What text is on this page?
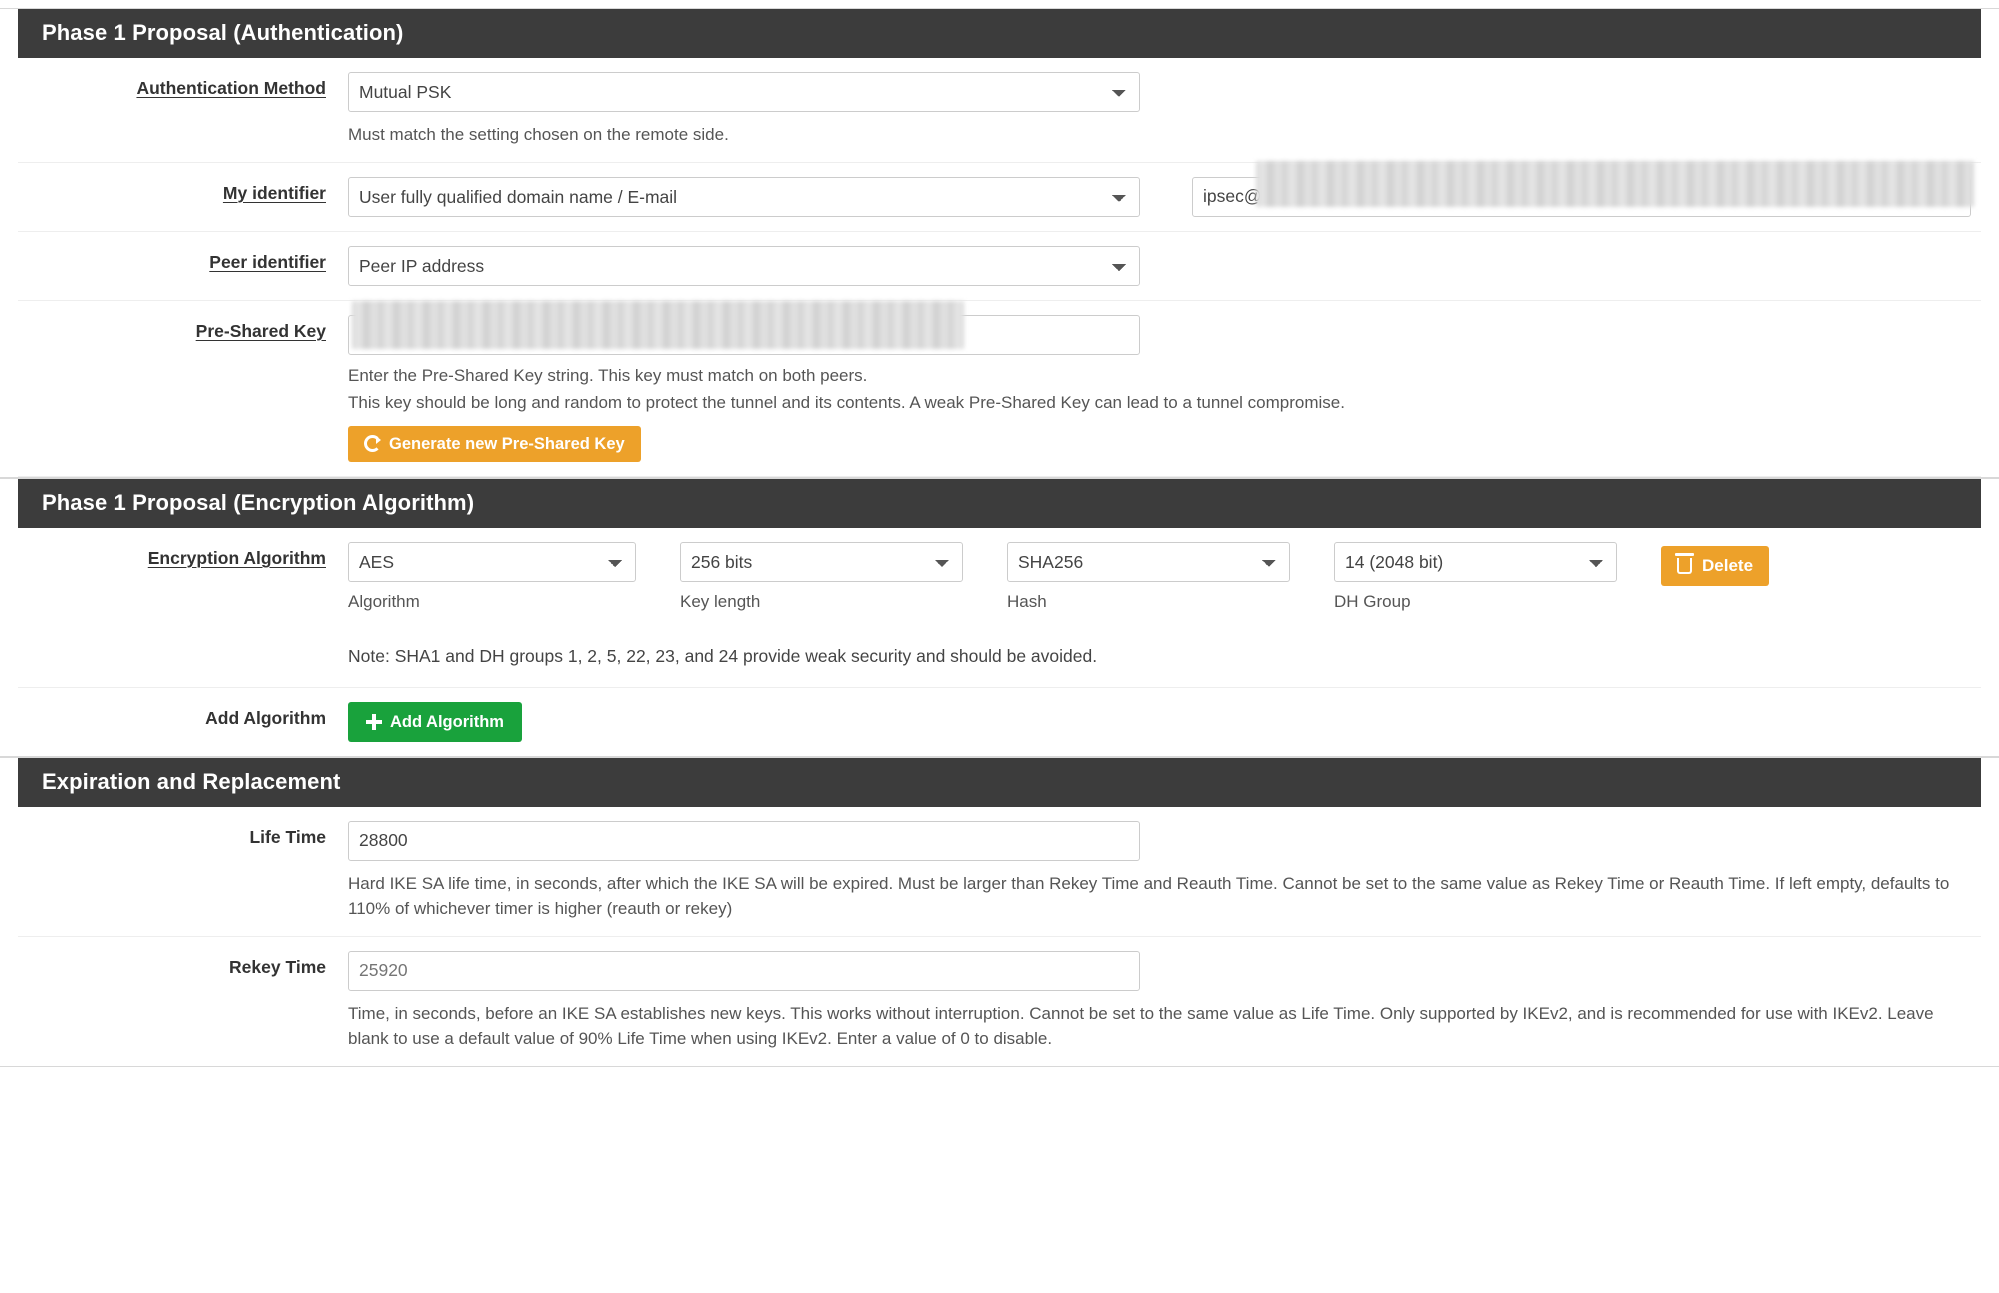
Phase 1 Proposal (Authentication)
Authentication Method
Mutual PSK
Must match the setting chosen on the remote side.
My identifier
User fully qualified domain name / E-mail
ipsec@
Peer identifier
Peer IP address
Pre-Shared Key
Enter the Pre-Shared Key string. This key must match on both peers.
This key should be long and random to protect the tunnel and its contents. A weak Pre-Shared Key can lead to a tunnel compromise.
Generate new Pre-Shared Key
Phase 1 Proposal (Encryption Algorithm)
Encryption Algorithm
AES
Algorithm
256 bits	Key length
SHA256	Hash
14 (2048 bit)	DH Group
Delete
Note: SHA1 and DH groups 1, 2, 5, 22, 23, and 24 provide weak security and should be avoided.
Add Algorithm	Add Algorithm
Expiration and Replacement
Life Time
28800
Hard IKE SA life time, in seconds, after which the IKE SA will be expired. Must be larger than Rekey Time and Reauth Time. Cannot be set to the same value as Rekey Time or Reauth Time. If left empty, defaults to 110% of whichever timer is higher (reauth or rekey)
Rekey Time
25920
Time, in seconds, before an IKE SA establishes new keys. This works without interruption. Cannot be set to the same value as Life Time. Only supported by IKEv2, and is recommended for use with IKEv2. Leave blank to use a default value of 90% Life Time when using IKEv2. Enter a value of 0 to disable.
